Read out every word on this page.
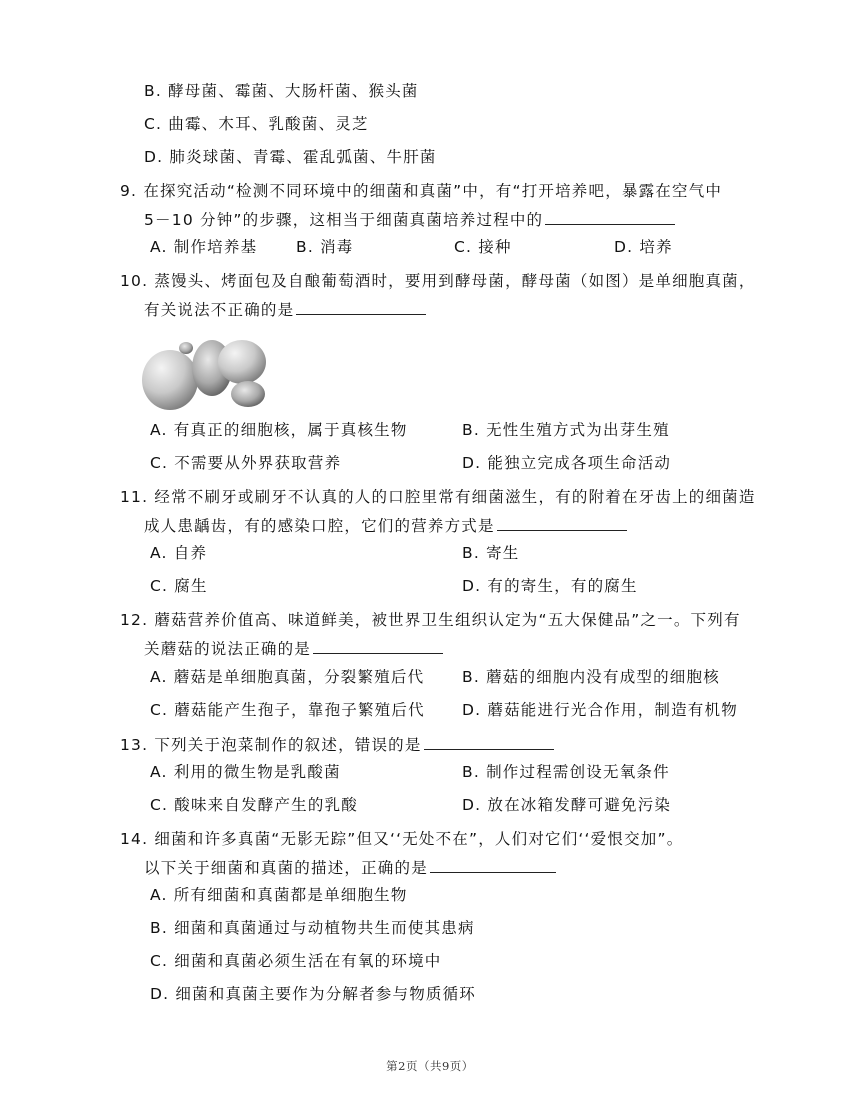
B. 酵母菌、霉菌、大肠杆菌、猴头菌
C. 曲霉、木耳、乳酸菌、灵芝
D. 肺炎球菌、青霉、霍乱弧菌、牛肝菌
9. 在探究活动“检测不同环境中的细菌和真菌”中，有“打开培养吧，暴露在空气中
5－10 分钟”的步骤，这相当于细菌真菌培养过程中的
A. 制作培养基 B. 消毒	C. 接种	D. 培养
10. 蒸馒头、烤面包及自酿葡萄酒时，要用到酵母菌，酵母菌（如图）是单细胞真菌，
有关说法不正确的是
A. 有真正的细胞核，属于真核生物	B. 无性生殖方式为出芽生殖
C. 不需要从外界获取营养	D. 能独立完成各项生命活动
11. 经常不刷牙或刷牙不认真的人的口腔里常有细菌滋生，有的附着在牙齿上的细菌造
成人患龋齿，有的感染口腔，它们的营养方式是
A. 自养	B. 寄生
C. 腐生	D. 有的寄生，有的腐生
12. 蘑菇营养价值高、味道鲜美，被世界卫生组织认定为“五大保健品”之一。下列有
关蘑菇的说法正确的是
A. 蘑菇是单细胞真菌，分裂繁殖后代 B. 蘑菇的细胞内没有成型的细胞核
C. 蘑菇能产生孢子，靠孢子繁殖后代 D. 蘑菇能进行光合作用，制造有机物
13. 下列关于泡菜制作的叙述，错误的是
A. 利用的微生物是乳酸菌	B. 制作过程需创设无氧条件
C. 酸味来自发酵产生的乳酸	D. 放在冰箱发酵可避免污染
14. 细菌和许多真菌“无影无踪”但又‘‘无处不在”，人们对它们‘‘爱恨交加”。
以下关于细菌和真菌的描述，正确的是
A. 所有细菌和真菌都是单细胞生物
B. 细菌和真菌通过与动植物共生而使其患病
C. 细菌和真菌必须生活在有氧的环境中
D. 细菌和真菌主要作为分解者参与物质循环
第2页（共9页）
